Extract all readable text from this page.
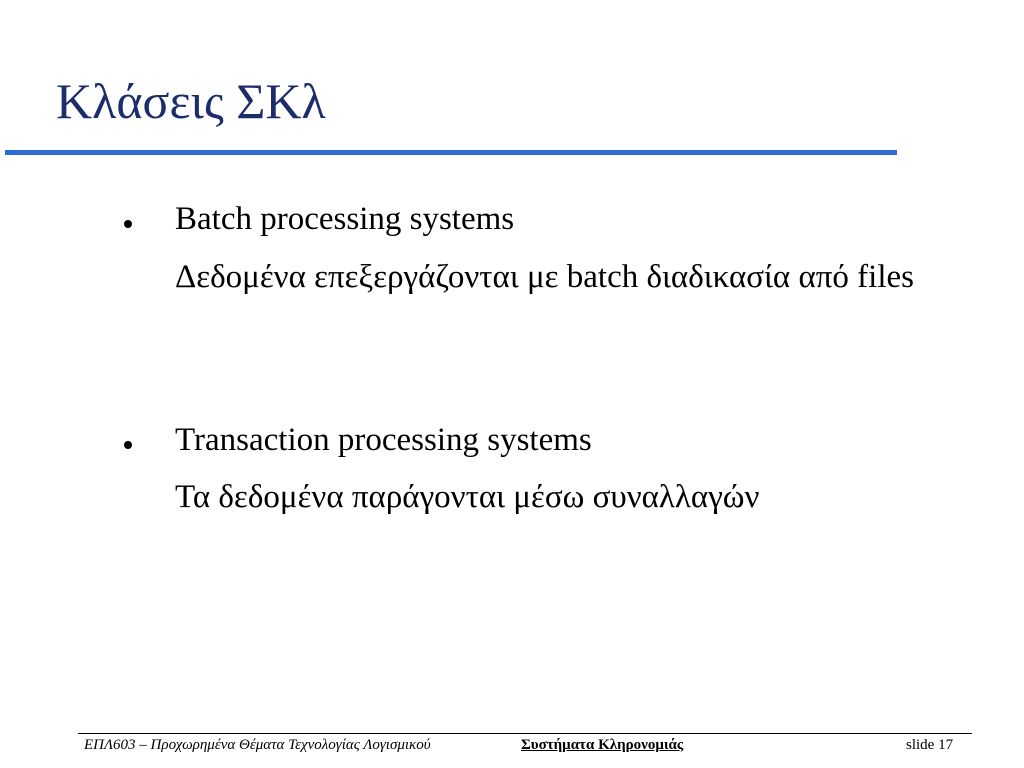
Κλάσεις ΣΚλ
Batch processing systems
Δεδομένα επεξεργάζονται με batch διαδικασία από files
Transaction processing systems
Τα δεδομένα παράγονται μέσω συναλλαγών
ΕΠΛ603 – Προχωρημένα Θέματα Τεχνολογίας Λογισμικού	Συστήματα Κληρονομιάς	slide 17
